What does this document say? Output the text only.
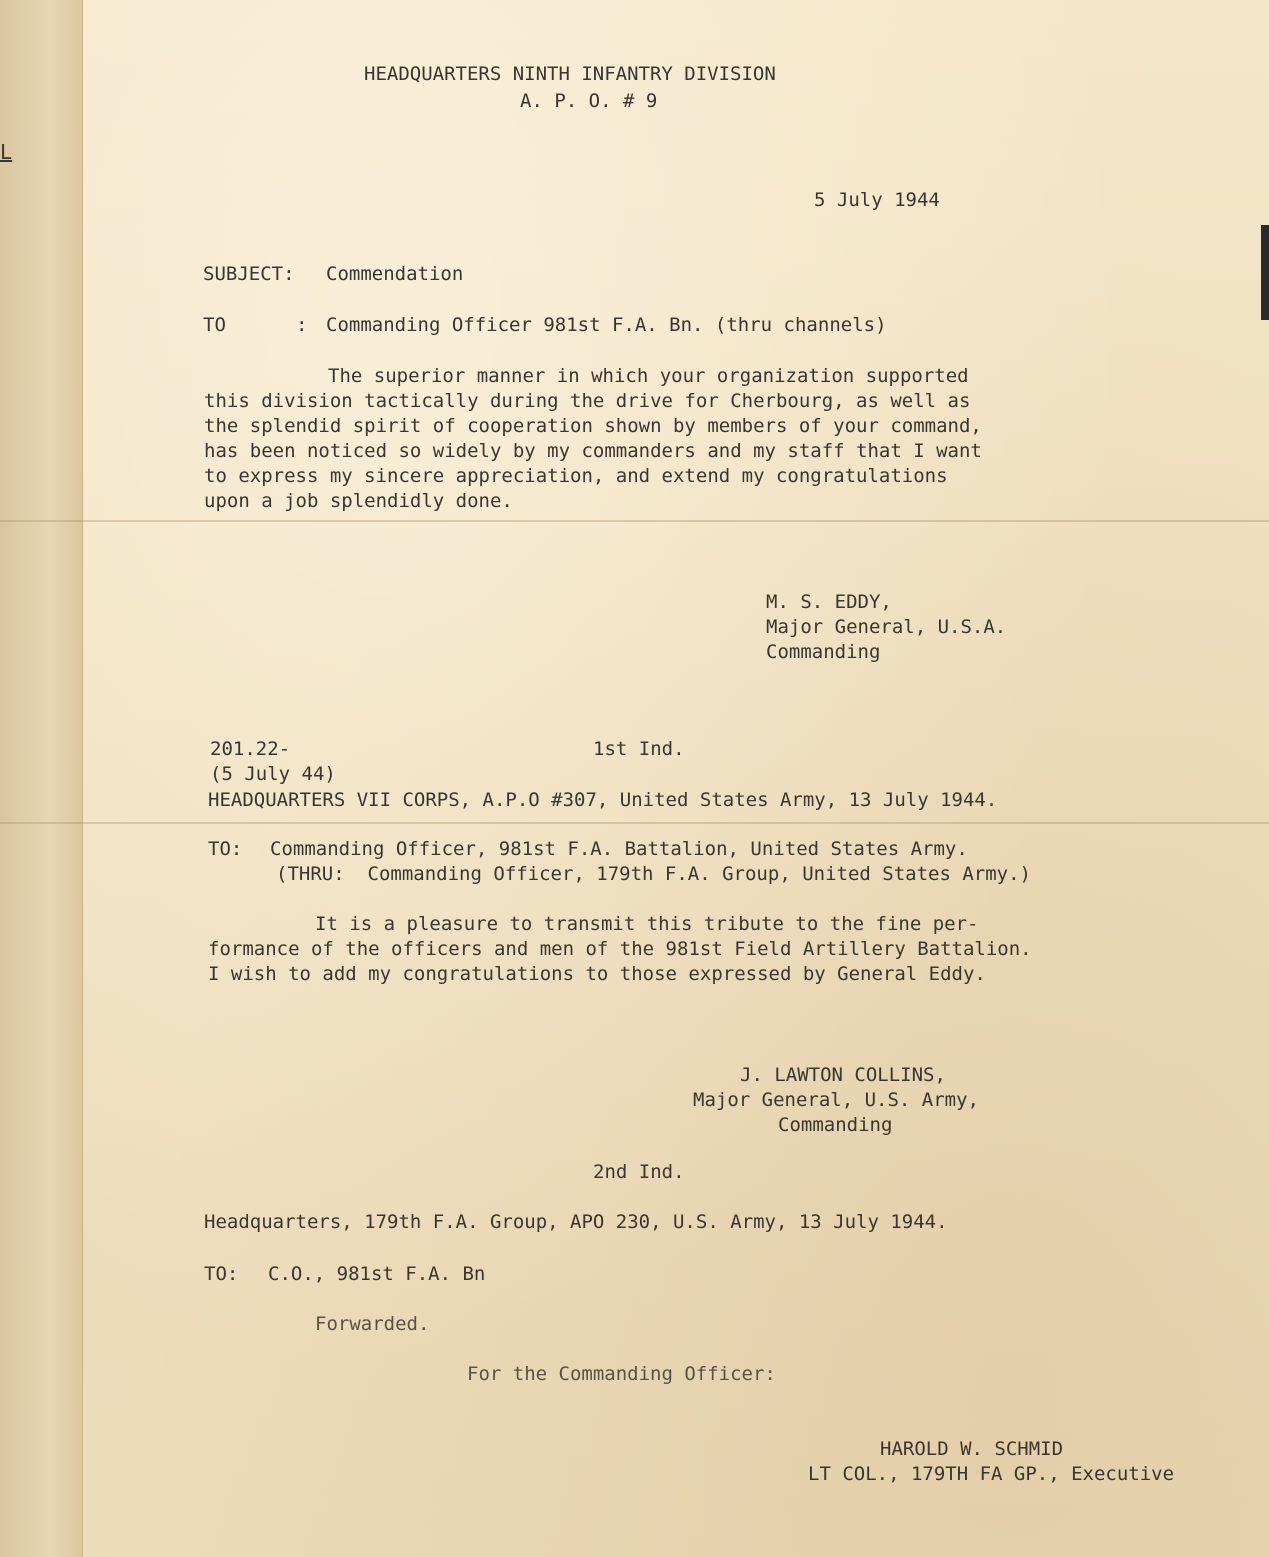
L
HEADQUARTERS NINTH INFANTRY DIVISION
A. P. O. # 9
5 July 1944
SUBJECT: Commendation
TO	: Commanding Officer 981st F.A. Bn. (thru channels)
The superior manner in which your organization supported
this division tactically during the drive for Cherbourg, as well as
the splendid spirit of cooperation shown by members of your command,
has been noticed so widely by my commanders and my staff that I want
to express my sincere appreciation, and extend my congratulations
upon a job splendidly done.
M. S. EDDY,
Major General, U.S.A.
Commanding
201.22-	1st Ind.
(5 July 44)
HEADQUARTERS VII CORPS, A.P.O #307, United States Army, 13 July 1944.
TO: Commanding Officer, 981st F.A. Battalion, United States Army.
(THRU:  Commanding Officer, 179th F.A. Group, United States Army.)
It is a pleasure to transmit this tribute to the fine per-
formance of the officers and men of the 981st Field Artillery Battalion.
I wish to add my congratulations to those expressed by General Eddy.
J. LAWTON COLLINS,
Major General, U.S. Army,
Commanding
2nd Ind.
Headquarters, 179th F.A. Group, APO 230, U.S. Army, 13 July 1944.
TO: C.O., 981st F.A. Bn
Forwarded.
For the Commanding Officer:
HAROLD W. SCHMID
LT COL., 179TH FA GP., Executive
